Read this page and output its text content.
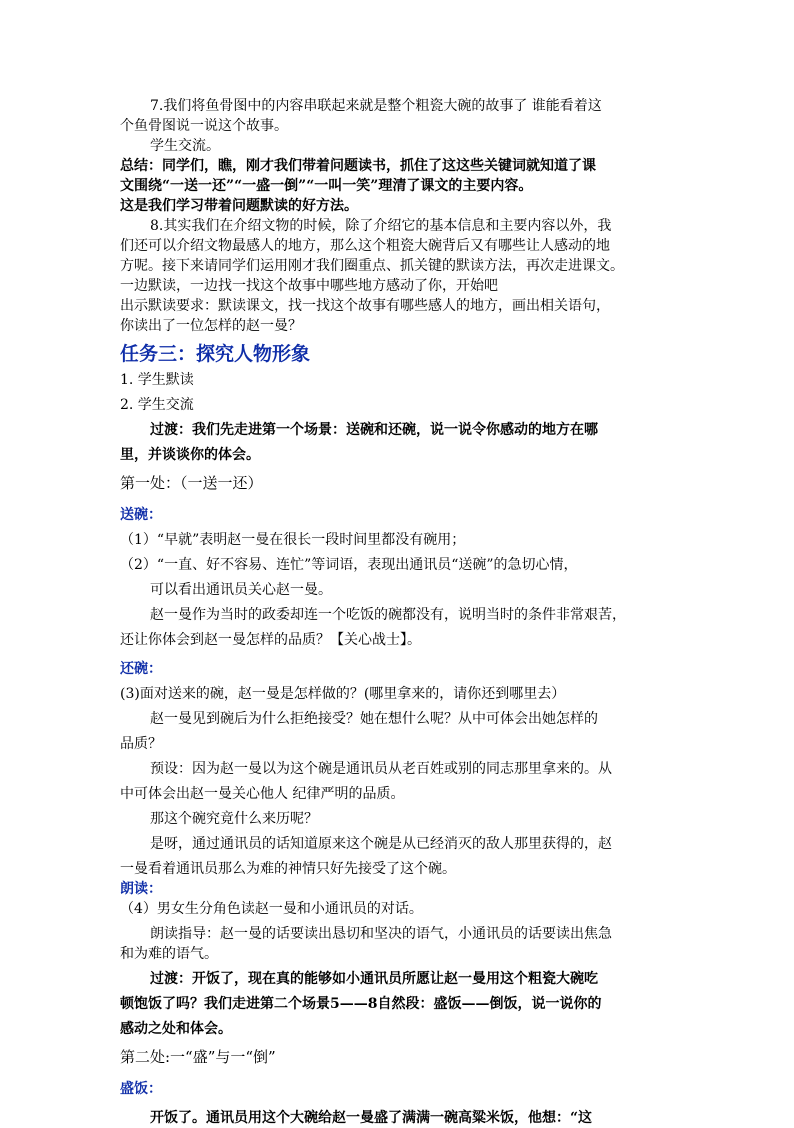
7.我们将鱼骨图中的内容串联起来就是整个粗瓷大碗的故事了 谁能看着这
个鱼骨图说一说这个故事。
学生交流。
总结：同学们，瞧，刚才我们带着问题读书，抓住了这这些关键词就知道了课
文围绕“一送一还”“一盛一倒”“一叫一笑”理清了课文的主要内容。
这是我们学习带着问题默读的好方法。
8.其实我们在介绍文物的时候，除了介绍它的基本信息和主要内容以外，我
们还可以介绍文物最感人的地方，那么这个粗瓷大碗背后又有哪些让人感动的地
方呢。接下来请同学们运用刚才我们圈重点、抓关键的默读方法，再次走进课文。
一边默读，一边找一找这个故事中哪些地方感动了你，开始吧
出示默读要求：默读课文，找一找这个故事有哪些感人的地方，画出相关语句，
你读出了一位怎样的赵一曼？
任务三：探究人物形象
1. 学生默读
2. 学生交流
过渡：我们先走进第一个场景：送碗和还碗，说一说令你感动的地方在哪
里，并谈谈你的体会。
第一处：（一送一还）
送碗：
（1）“早就”表明赵一曼在很长一段时间里都没有碗用；
（2）“一直、好不容易、连忙”等词语，表现出通讯员“送碗”的急切心情，
可以看出通讯员关心赵一曼。
赵一曼作为当时的政委却连一个吃饭的碗都没有，说明当时的条件非常艰苦，
还让你体会到赵一曼怎样的品质？【关心战士】。
还碗：
(3)面对送来的碗，赵一曼是怎样做的？(哪里拿来的，请你还到哪里去）
赵一曼见到碗后为什么拒绝接受？她在想什么呢？从中可体会出她怎样的
品质？
预设：因为赵一曼以为这个碗是通讯员从老百姓或别的同志那里拿来的。从
中可体会出赵一曼关心他人 纪律严明的品质。
那这个碗究竟什么来历呢？
是呀，通过通讯员的话知道原来这个碗是从已经消灭的敌人那里获得的，赵
一曼看着通讯员那么为难的神情只好先接受了这个碗。
朗读：
（4）男女生分角色读赵一曼和小通讯员的对话。
朗读指导：赵一曼的话要读出恳切和坚决的语气，小通讯员的话要读出焦急
和为难的语气。
过渡：开饭了，现在真的能够如小通讯员所愿让赵一曼用这个粗瓷大碗吃
顿饱饭了吗？我们走进第二个场景5——8自然段：盛饭——倒饭，说一说你的
感动之处和体会。
第二处:一“盛”与一“倒”
盛饭：
开饭了。通讯员用这个大碗给赵一曼盛了满满一碗高粱米饭，他想：“这
